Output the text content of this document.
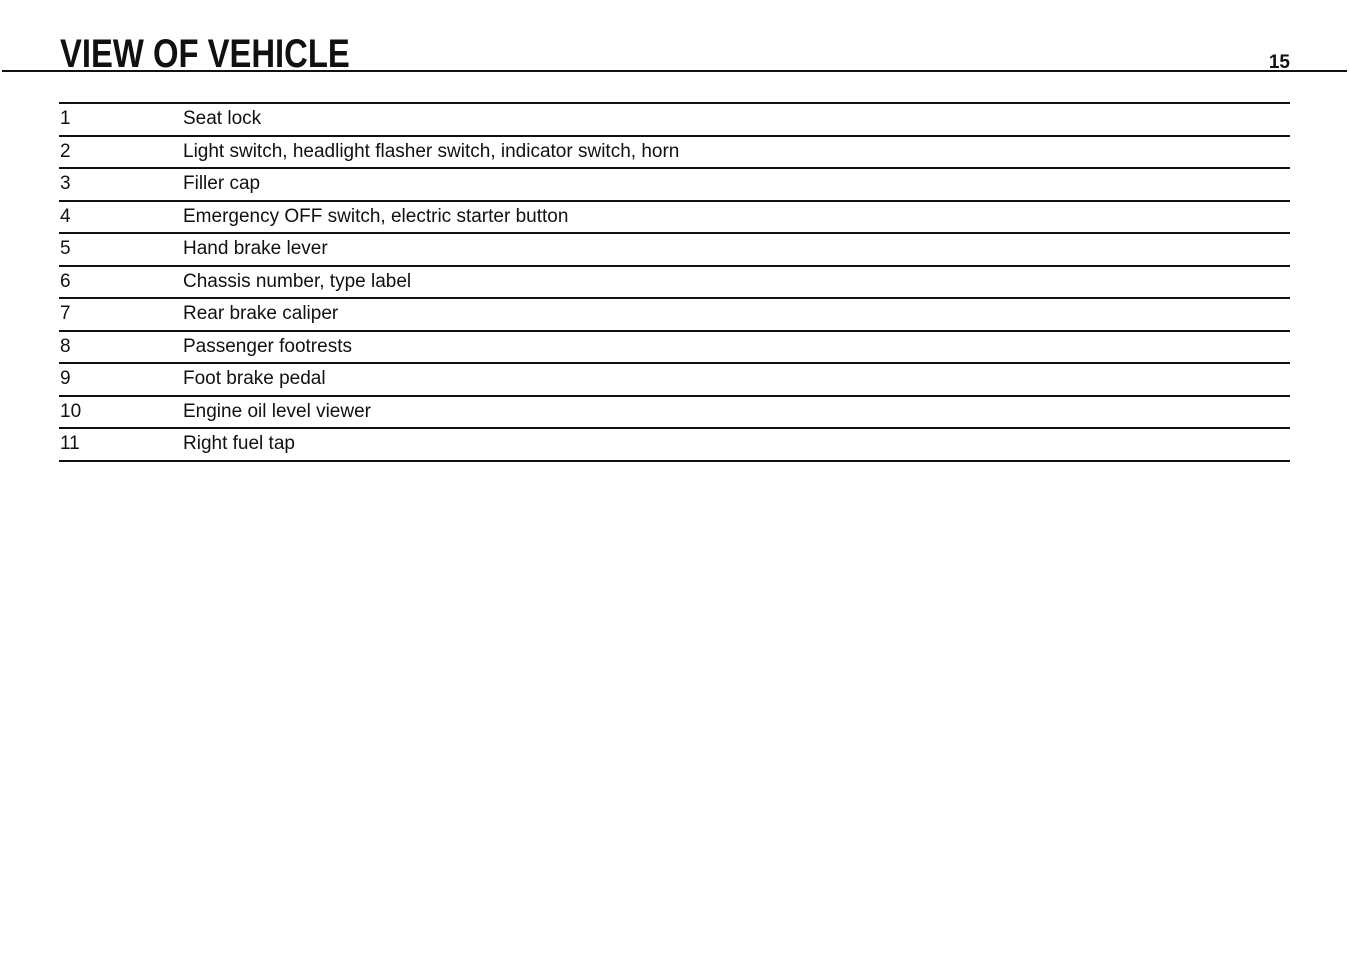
VIEW OF VEHICLE	15
1	Seat lock
2	Light switch, headlight flasher switch, indicator switch, horn
3	Filler cap
4	Emergency OFF switch, electric starter button
5	Hand brake lever
6	Chassis number, type label
7	Rear brake caliper
8	Passenger footrests
9	Foot brake pedal
10	Engine oil level viewer
11	Right fuel tap
